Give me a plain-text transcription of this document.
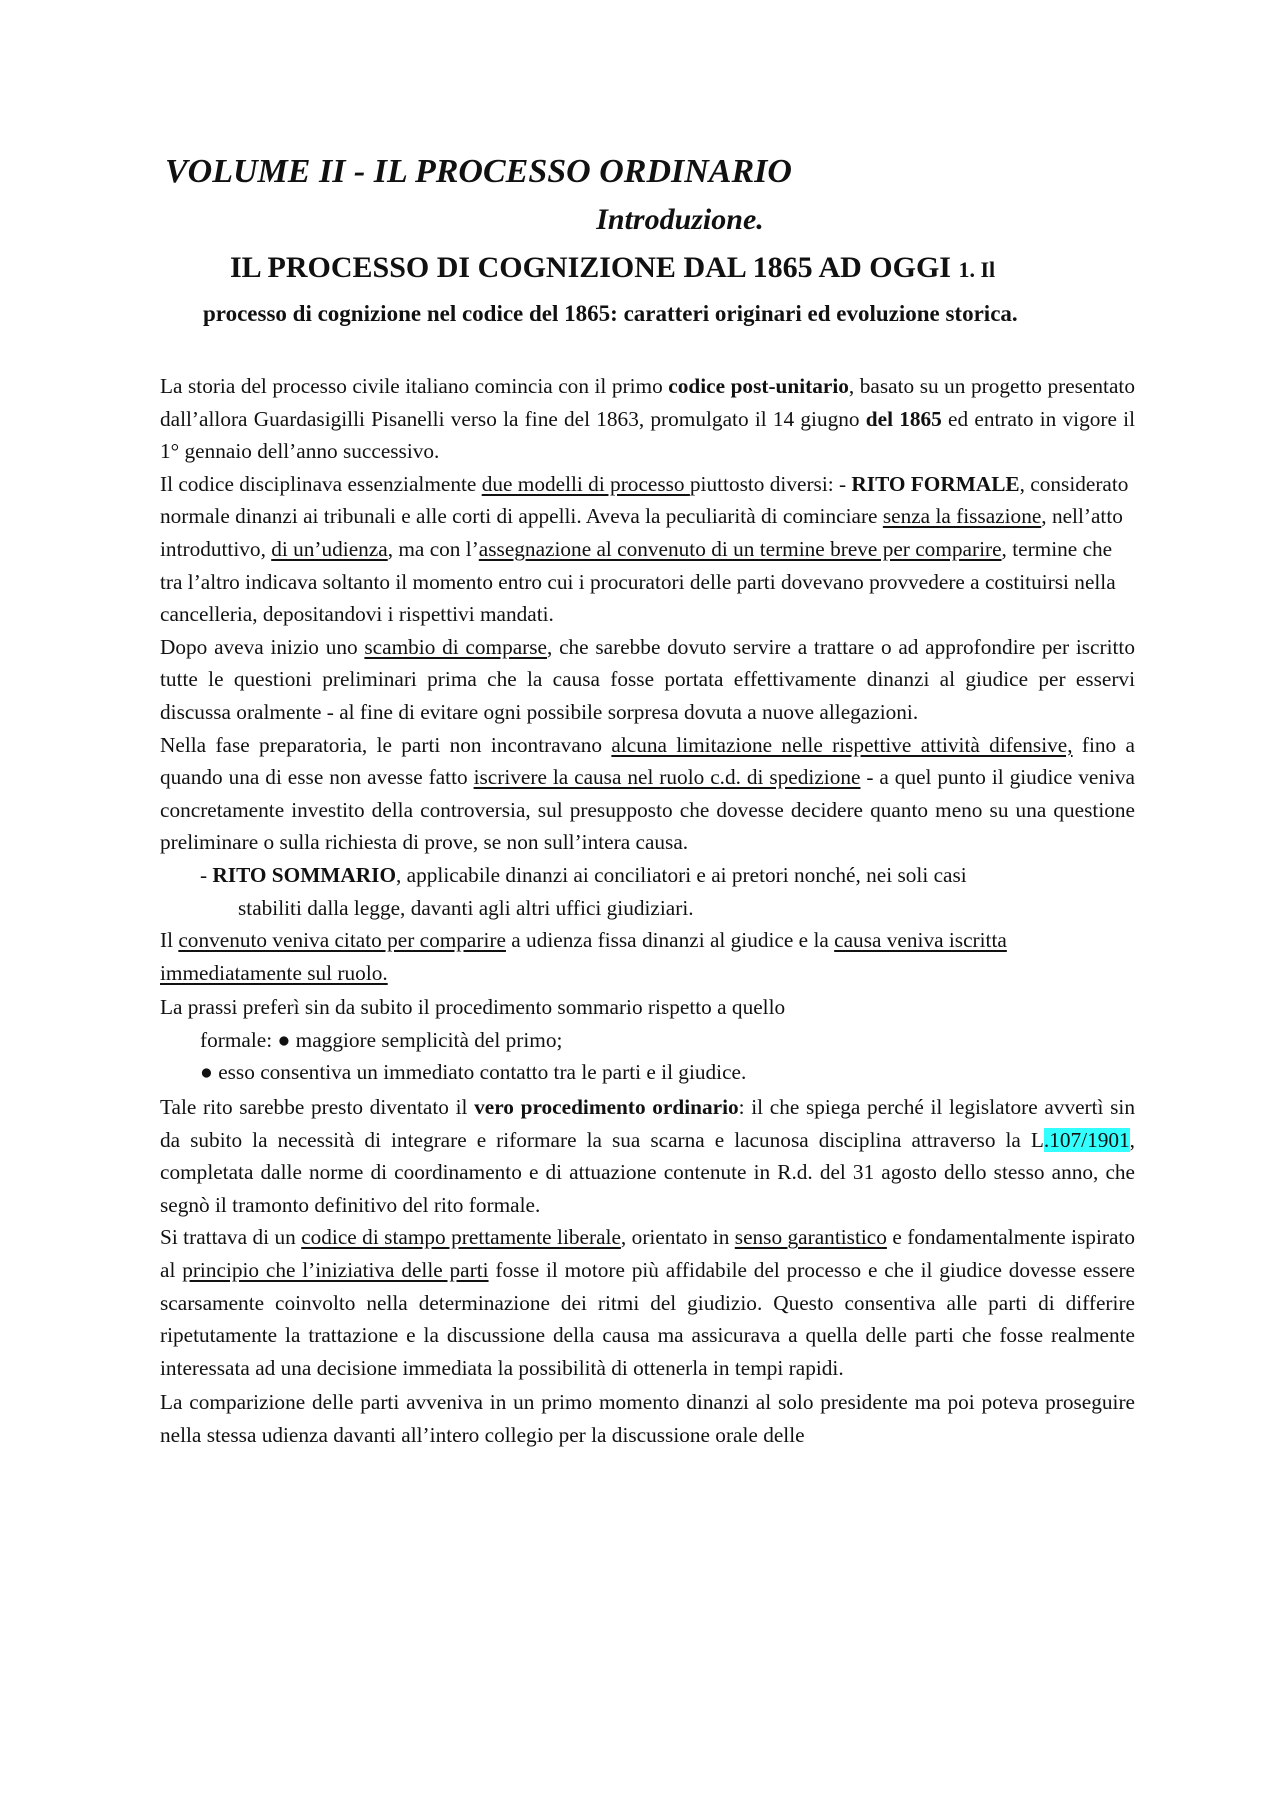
VOLUME II - IL PROCESSO ORDINARIO
Introduzione.
IL PROCESSO DI COGNIZIONE DAL 1865 AD OGGI 1. Il
processo di cognizione nel codice del 1865: caratteri originari ed evoluzione storica.

La storia del processo civile italiano comincia con il primo codice post-unitario, basato su un progetto presentato dall’allora Guardasigilli Pisanelli verso la fine del 1863, promulgato il 14 giugno del 1865 ed entrato in vigore il 1° gennaio dell’anno successivo.

Il codice disciplinava essenzialmente due modelli di processo piuttosto diversi: - RITO FORMALE, considerato normale dinanzi ai tribunali e alle corti di appelli. Aveva la peculiarità di cominciare senza la fissazione, nell’atto introduttivo, di un’udienza, ma con l’assegnazione al convenuto di un termine breve per comparire, termine che tra l’altro indicava soltanto il momento entro cui i procuratori delle parti dovevano provvedere a costituirsi nella cancelleria, depositandovi i rispettivi mandati.

Dopo aveva inizio uno scambio di comparse, che sarebbe dovuto servire a trattare o ad approfondire per iscritto tutte le questioni preliminari prima che la causa fosse portata effettivamente dinanzi al giudice per esservi discussa oralmente - al fine di evitare ogni possibile sorpresa dovuta a nuove allegazioni.

Nella fase preparatoria, le parti non incontravano alcuna limitazione nelle rispettive attività difensive, fino a quando una di esse non avesse fatto iscrivere la causa nel ruolo c.d. di spedizione - a quel punto il giudice veniva concretamente investito della controversia, sul presupposto che dovesse decidere quanto meno su una questione preliminare o sulla richiesta di prove, se non sull’intera causa.

- RITO SOMMARIO, applicabile dinanzi ai conciliatori e ai pretori nonché, nei soli casi

stabiliti dalla legge, davanti agli altri uffici giudiziari.

Il convenuto veniva citato per comparire a udienza fissa dinanzi al giudice e la causa veniva iscritta immediatamente sul ruolo.

La prassi preferì sin da subito il procedimento sommario rispetto a quello

formale: ● maggiore semplicità del primo;

● esso consentiva un immediato contatto tra le parti e il giudice.

Tale rito sarebbe presto diventato il vero procedimento ordinario: il che spiega perché il legislatore avvertì sin da subito la necessità di integrare e riformare la sua scarna e lacunosa disciplina attraverso la L.107/1901, completata dalle norme di coordinamento e di attuazione contenute in R.d. del 31 agosto dello stesso anno, che segnò il tramonto definitivo del rito formale.

Si trattava di un codice di stampo prettamente liberale, orientato in senso garantistico e fondamentalmente ispirato al principio che l’iniziativa delle parti fosse il motore più affidabile del processo e che il giudice dovesse essere scarsamente coinvolto nella determinazione dei ritmi del giudizio. Questo consentiva alle parti di differire ripetutamente la trattazione e la discussione della causa ma assicurava a quella delle parti che fosse realmente interessata ad una decisione immediata la possibilità di ottenerla in tempi rapidi.

La comparizione delle parti avveniva in un primo momento dinanzi al solo presidente ma poi poteva proseguire nella stessa udienza davanti all’intero collegio per la discussione orale delle
